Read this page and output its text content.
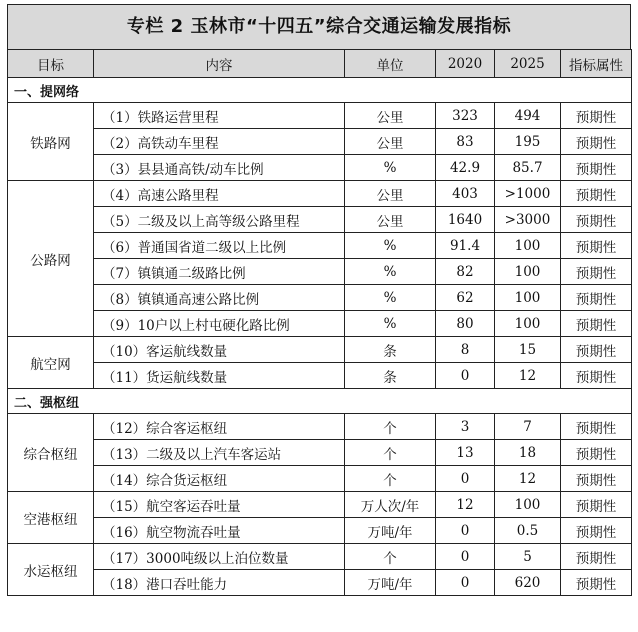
专栏 2 玉林市“十四五”综合交通运输发展指标
目标	内容	单位	2020	2025	指标属性
一、提网络					
铁路网	（1）铁路运营里程	公里	323	494	预期性
	（2）高铁动车里程	公里	83	195	预期性
	（3）县县通高铁/动车比例	%	42.9	85.7	预期性
公路网	（4）高速公路里程	公里	403	>1000	预期性
	（5）二级及以上高等级公路里程	公里	1640	>3000	预期性
	（6）普通国省道二级以上比例	%	91.4	100	预期性
	（7）镇镇通二级路比例	%	82	100	预期性
	（8）镇镇通高速公路比例	%	62	100	预期性
	（9）10户以上村屯硬化路比例	%	80	100	预期性
航空网	（10）客运航线数量	条	8	15	预期性
	（11）货运航线数量	条	0	12	预期性
二、强枢纽					
综合枢纽	（12）综合客运枢纽	个	3	7	预期性
	（13）二级及以上汽车客运站	个	13	18	预期性
	（14）综合货运枢纽	个	0	12	预期性
空港枢纽	（15）航空客运吞吐量	万人次/年	12	100	预期性
	（16）航空物流吞吐量	万吨/年	0	0.5	预期性
水运枢纽	（17）3000吨级以上泊位数量	个	0	5	预期性
	（18）港口吞吐能力	万吨/年	0	620	预期性
